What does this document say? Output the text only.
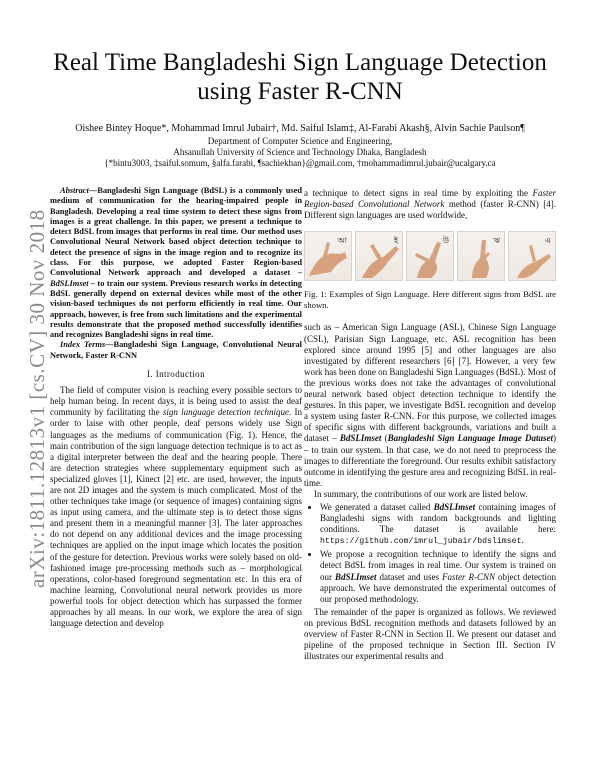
arXiv:1811.12813v1 [cs.CV] 30 Nov 2018
Real Time Bangladeshi Sign Language Detection
using Faster R-CNN
Oishee Bintey Hoque*, Mohammad Imrul Jubair†, Md. Saiful Islam‡, Al-Farabi Akash§, Alvin Sachie Paulson¶
Department of Computer Science and Engineering,
Ahsanullah University of Science and Technology Dhaka, Bangladesh
{*bintu3003, ‡saiful.somum, §alfa.farabi, ¶sachiekhan}@gmail.com, †mohammadimrul.jubair@ucalgary.ca

Abstract—Bangladeshi Sign Language (BdSL) is a commonly used medium of communication for the hearing-impaired people in Bangladesh. Developing a real time system to detect these signs from images is a great challenge. In this paper, we present a technique to detect BdSL from images that performs in real time. Our method uses Convolutional Neural Network based object detection technique to detect the presence of signs in the image region and to recognize its class. For this purpose, we adopted Faster Region-based Convolutional Network approach and developed a dataset – BdSLImset – to train our system. Previous research works in detecting BdSL generally depend on external devices while most of the other vision-based techniques do not perform efficiently in real time. Our approach, however, is free from such limitations and the experimental results demonstrate that the proposed method successfully identifies and recognizes Bangladeshi signs in real time.

Index Terms—Bangladeshi Sign Language, Convolutional Neural Network, Faster R-CNN

I. Introduction

The field of computer vision is reaching every possible sectors to help human being. In recent days, it is being used to assist the deaf community by facilitating the sign language detection technique. In order to laise with other people, deaf persons widely use Sign languages as the mediums of communication (Fig. 1). Hence, the main contribution of the sign language detection technique is to act as a digital interpreter between the deaf and the hearing people. There are detection strategies where supplementary equipment such as specialized gloves [1], Kinect [2] etc. are used, however, the inputs are not 2D images and the system is much complicated. Most of the other techniques take image (or sequence of images) containing signs as input using camera, and the ultimate step is to detect those signs and present them in a meaningful manner [3]. The later approaches do not depend on any additional devices and the image processing techniques are applied on the input image which locates the position of the gesture for detection. Previous works were solely based on old-fashioned image pre-processing methods such as – morphological operations, color-based foreground segmentation etc. In this era of machine learning, Convolutional neural network provides us more powerful tools for object detection which has surpassed the former approaches by all means. In our work, we explore the area of sign language detection and develop

a technique to detect signs in real time by exploiting the Faster Region-based Convolutional Network method (faster R-CNN) [4]. Different sign languages are used worldwide,

আ	ই	উ	ঋ	এ
Fig. 1: Examples of Sign Language. Here different signs from BdSL are shown.

such as – American Sign Language (ASL), Chinese Sign Language (CSL), Parisian Sign Language, etc. ASL recognition has been explored since around 1995 [5] and other languages are also investigated by different researchers [6] [7]. However, a very few work has been done on Bangladeshi Sign Languages (BdSL). Most of the previous works does not take the advantages of convolutional neural network based object detection technique to identify the gestures. In this paper, we investigate BdSL recognition and develop a system using faster R-CNN. For this purpose, we collected images of specific signs with different backgrounds, variations and built a dataset – BdSLImset (Bangladeshi Sign Language Image Dataset) – to train our system. In that case, we do not need to preprocess the images to differentiate the foreground. Our results exhibit satisfactory outcome in identifying the gesture area and recognizing BdSL in real-time.

In summary, the contributions of our work are listed below.

• We generated a dataset called BdSLImset containing images of Bangladeshi signs with random backgrounds and lighting conditions. The dataset is available here: https://github.com/imrul_jubair/bdslimset.
• We propose a recognition technique to identify the signs and detect BdSL from images in real time. Our system is trained on our BdSLImset dataset and uses Faster R-CNN object detection approach. We have demonstrated the experimental outcomes of our proposed methodology.

The remainder of the paper is organized as follows. We reviewed on previous BdSL recognition methods and datasets followed by an overview of Faster R-CNN in Section II. We present our dataset and pipeline of the proposed technique in Section III. Section IV illustrates our experimental results and
